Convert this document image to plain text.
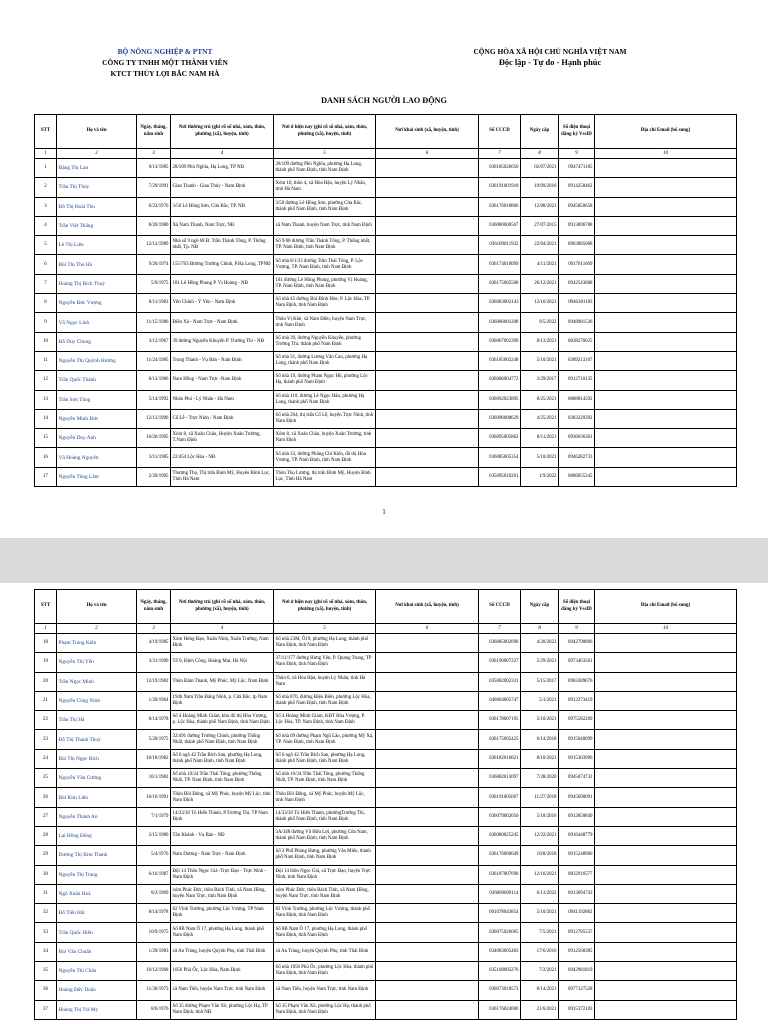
BỘ NÔNG NGHIỆP & PTNT
CÔNG TY TNHH MỘT THÀNH VIÊN
KTCT THỦY LỢI BẮC NAM HÀ
CỘNG HÒA XÃ HỘI CHỦ NGHĨA VIỆT NAM
Độc lập - Tự do - Hạnh phúc
DANH SÁCH NGƯỜI LAO ĐỘNG
STT	Họ và tên	Ngày, tháng, năm sinh	Nơi thường trú (ghi rõ số nhà, xóm, thôn, phường (xã), huyện, tỉnh)	Nơi ở hiện nay (ghi rõ số nhà, xóm, thôn, phường (xã), huyện, tỉnh)	Nơi khai sinh (xã, huyện, tỉnh)	Số CCCD	Ngày cấp	Số điện thoại đăng ký VssID	Địa chỉ Email (bổ sung)
1	2	3	4	5	6	7	8	9	10
1	Đặng Thị Lan	9/13/1985	28/109 Phù Nghĩa, Hạ Long, TP NĐ	28/109 đường Phù Nghĩa, phường Hạ Long, thành phố Nam Định, tỉnh Nam Định		036185026650	02/07/2021	0947471185	
2	Trần Thị Thúy	7/29/1991	Giao Thanh - Giao Thủy - Nam Định	Xóm 10, thôn 4, xã Hòa Hậu, huyện Lý Nhân, tỉnh Hà Nam		036191001918	19/09/2016	0914258462	
3	Đỗ Thị Hoài Thu	6/23/1976	3/50 Lê Hồng Sơn, Cửa Bắc, TP. NĐ	3/50 đường Lê Hồng Sơn, phường Cửa Bắc, thành phố Nam Định, tỉnh Nam Định		036176018866	12/08/2021	0945850658	
4	Trần Việt Thắng	8/20/1980	Xã Nam Thanh, Nam Trực, NĐ	xã Nam Thanh, huyện Nam Trực, tỉnh Nam Định		036080000567	27/07/2015	0913896788	
5	Lê Thị Liên	12/12/1989	Nhà số 9 ngõ 68 Đ. Trần Thánh Tông, P. Thống nhất, Tp. NĐ	Số 9/68 đường Trần Thánh Tông, P. Thống nhất, TP. Nam Định, tỉnh Nam Định		036189011932	22/04/2021	0963885068	
6	Bùi Thị Thu Hà	9/26/1974	155/703 Đường Trường Chinh, P.Hạ Long, TPNĐ	Số nhà 8/1/33 đường Trần Thái Tông, P. Lộc Vượng, TP. Nam Định, tỉnh Nam Định		036174010099	4/11/2021	0917611669	
7	Hoàng Thị Bích Thuỷ	5/9/1975	181 Lê Hồng Phong P. Vị Hoàng - NĐ	181 đường Lê Hồng Phong, phường Vị Hoàng, TP. Nam Định, tỉnh Nam Định		036175005508	26/12/2021	0942543688	
8	Nguyễn Đức Vượng	8/11/1983	Yên Chính - Ý Yên - Nam Định	Số nhà 45 đường Bùi Đình Hòe, P. Lộc Hòa, TP. Nam Định, tỉnh Nam Định		036083002143	12/16/2021	0946381183	
9	Vũ Ngọc Linh	11/15/1986	Điền Xá - Nam Trực - Nam Định	Thôn Vị Khê, xã Nam Điền, huyện Nam Trực, tỉnh Nam Định		036086001208	9/5/2022	0948981536	
10	Đỗ Duy Chung	3/12/1967	39 đường Nguyễn Khuyến P. Trường Thi - NĐ	Số nhà 39, đường Nguyễn Khuyến, phường Trường Thi, thành phố Nam Định		036067002399	8/13/2021	0838270025	
11	Nguyễn Thị Quỳnh Hương	11/24/1985	Trung Thành - Vụ Bản - Nam Định	Số nhà 31, đường Lương Văn Can, phường Hạ Long, thành phố Nam Định		036185002248	5/10/2021	0389213107	
12	Trần Quốc Thành	8/13/1986	Nam Hồng - Nam Trực -Nam Định	Số nhà 19, đường Phạm Ngọc Hồ, phường Lộc Hạ, thành phố Nam Định		036086004772	3/29/2017	0912710135	
13	Trần Sơn Tùng	5/14/1992	Nhân Phú - Lý Nhân - Hà Nam	Số nhà 110, đường Lê Ngọc Hân, phường Hạ Long, thành phố Nam Định		036092023895	8/25/2021	0888814592	
14	Nguyễn Minh Đức	12/13/1996	Cổ Lễ - Trực Ninh - Nam Định	Số nhà 264, thị trấn Cổ Lễ, huyện Trực Ninh, tỉnh Nam Định		036096008629	4/25/2021	0383229392	
15	Nguyễn Duy Anh	10/26/1995	Xóm 8, xã Xuân Châu, Huyện Xuân Trường, T.Nam Định	Xóm 8, xã Xuân Châu, huyện Xuân Trường, tỉnh Nam Định		036095005862	8/11/2021	0936036301	
16	Vũ Hoàng Nguyên	3/11/1985	22/454 Lộc Hòa - NĐ	Số nhà 32, đường Phùng Chí Kiên, đô thị Hòa Vượng, TP. Nam Định, tỉnh Nam Định		036085005354	5/10/2021	0946282733	
17	Nguyễn Tùng Lâm	2/20/1995	Thượng Thọ, Thị trấn Bình Mỹ, Huyện Bình Lục, Tỉnh Hà Nam	Thôn Thọ Lương, thị trấn Bình Mỹ, Huyện Bình Lục, Tỉnh Hà Nam		035095010261	1/9/2022	0886055345	
1
STT	Họ và tên	Ngày, tháng, năm sinh	Nơi thường trú (ghi rõ số nhà, xóm, thôn, phường (xã), huyện, tỉnh)	Nơi ở hiện nay (ghi rõ số nhà, xóm, thôn, phường (xã), huyện, tỉnh)	Nơi khai sinh (xã, huyện, tỉnh)	Số CCCD	Ngày cấp	Số điện thoại đăng ký VssID	Địa chỉ Email (bổ sung)
1	2	3	4	5	6	7	8	9	10
18	Phạm Trung Kiên	4/19/1985	Xóm Hưng Đạo, Xuân Ninh, Xuân Trường, Nam Định	Số nhà 23M, Ô19, phường Hạ Long, thành phố Nam Định, tỉnh Nam Định		036085002696	4/20/2023	0942700866	
19	Nguyễn Thị Yến	3/31/1990	Tổ 9, Định Công, Hoàng Mai, Hà Nội	37/11/177 đường Hưng Yên, P. Quang Trung, TP Nam Định, tỉnh Nam Định		036190007227	5/29/2021	0973463561	
20	Trần Ngọc Minh	12/19/1982	Thôn Đám Thanh, Mỹ Phúc, Mỹ Lộc, Nam Định	Thôn 6, xã Hòa Hậu, huyện Lý Nhân, tỉnh Hà Nam		035082002331	5/15/2017	0983389676	
21	Nguyễn Công Ninh	1/20/1964	194b Nam Trần Đăng Ninh, p. Cửa Bắc, tp Nam Định	Số nhà 870, đường Điện Biên, phường Lộc Hòa, thành phố Nam Định, tỉnh Nam Định		040064005747	5/1/2021	0912273419	
22	Trần Thị Hà	8/14/1978	Số 4 Hoàng Minh Giám, khu đô thị Hòa Vượng, p. Lộc Hòa, thành phố Nam Định, tỉnh Nam Định	Số 4 Hoàng Minh Giám, KĐT Hòa Vượng, P. Lộc Hòa, TP. Nam Định, tỉnh Nam Định		036178007195	5/10/2021	0975582269	
23	Đỗ Thị Thanh Thuỷ	5/20/1975	32/491 đường Trường Chinh, phường Thống Nhất, thành phố Nam Định, tỉnh Nam Định	Số nhà 69 đường Phạm Ngũ Lão, phường Mỹ Xá, TP. Nam Định, tỉnh Nam Định		036175005425	6/14/2018	0915040099	
24	Bùi Thị Ngọc Bích	10/18/1982	Số 6 ngõ 42 Trần Bích San, phường Hạ Long, thành phố Nam Định, tỉnh Nam Định	Số 6 ngõ 42 Trần Bích San, phường Hạ Long, thành phố Nam Định, tỉnh Nam Định		036182016621	8/10/2021	0915303996	
25	Nguyễn Văn Cường	10/1/1982	Số nhà 10/34 Trần Thái Tông, phường Thống Nhất, TP. Nam Định, tỉnh Nam Định	Số nhà 10/34 Trần Thái Tông, phường Thống Nhất, TP. Nam Định, tỉnh Nam Định		036082013097	7/28/2020	0945074732	
26	Bùi Kim Liên	10/16/1991	Thôn Bồi Đông, xã Mỹ Phúc, huyện Mỹ Lộc, tỉnh Nam Định	Thôn Bồi Đông, xã Mỹ Phúc, huyện Mỹ Lộc, tỉnh Nam Định		036191005667	11/27/2018	0945690091	
27	Nguyễn Thành An	7/1/1979	14/33/30 Tô Hiến Thành, P.Trường Thi, TP Nam Định	14/33/30 Tô Hiến Thành, phườngTrường Thi, thành phố Nam Định, tỉnh Nam Định		036079002050	5/18/2016	0912850840	
28	Lại Hồng Đông	2/15/1980	Tân Khánh - Vụ Bản - NĐ	3A/348 đường Vũ Hữu Lợi, phường Cửa Nam, thành phố Nam Định, tỉnh Nam Định		036080025245	12/22/2021	0916448779	
29	Dương Thị Kim Thanh	5/4/1976	Nam Dương - Nam Trực - Nam Định	Số 2 Phố Phúng Hưng, phường Văn Miếu, thành phố Nam Định, tỉnh Nam Định		036176006649	10/8/2018	0915248960	
30	Nguyễn Thị Trang	6/16/1987	Đội 14 Thôn Ngọc Giá -Trực Đạo - Trực Ninh - Nam Định	Đội 14 thôn Ngọc Giá, xã Trực Đạo, huyện Trực Ninh, tỉnh Nam Định		036187007690	12/16/2021	0832916577	
31	Ngô Xuân Hoà	8/2/1969	xóm Phúc Đức, thôn Bách Tính, xã Nam Hồng, huyện Nam Trực, tỉnh Nam Định	xóm Phúc Đức, thôn Bách Tính, xã Nam Hồng, huyện Nam Trực, tỉnh Nam Định		036069009114	6/13/2022	0913094743	
32	Đỗ Tiến Hải	8/14/1978	82 Vĩnh Trường, phường Lộc Vượng, TP Nam Định	82 Vĩnh Trường, phường Lộc Vượng, thành phố Nam Định, tỉnh Nam Định		001078043854	5/10/2021	0941192862	
33	Trần Quốc Hiển	10/9/1975	Số 8B Nam Ô 17, phường Hạ Long, thành phố Nam Định	Số 8B Nam Ô 17, phường Hạ Long, thành phố Nam Định, tỉnh Nam Định		036075026665	7/5/2021	0912785537	
34	Bùi Văn Chuẩn	1/20/1983	xã An Tràng, huyện Quỳnh Phụ, tỉnh Thái Bình	xã An Tràng, huyện Quỳnh Phụ, tỉnh Thái Bình		034083005483	17/6/2016	0912568385	
35	Nguyễn Thị Châu	10/12/1968	1056 Phù Ốc, Lộc Hòa, Nam Định	Số nhà 1056 Phù Ốc, phường Lộc Hòa, thành phố Nam Định, tỉnh Nam Định		035168005276	7/2/2021	0942981819	
36	Hoàng Đức Doãn	11/30/1973	xã Nam Tiến, huyện Nam Trực, tỉnh Nam Định	xã Nam Tiến, huyện Nam Trực, tỉnh Nam Định		036073018573	8/14/2021	0977127528	
37	Hoàng Thị Trà My	8/6/1976	Số 35 đường Phạm Văn Xô, phường Lộc Hạ, TP Nam Định, tỉnh NĐ	Số 35 Phạm Văn Xô, phường Lộc Hạ, thành phố Nam Định, tỉnh Nam Định		036176024006	21/6/2021	0915372183	
